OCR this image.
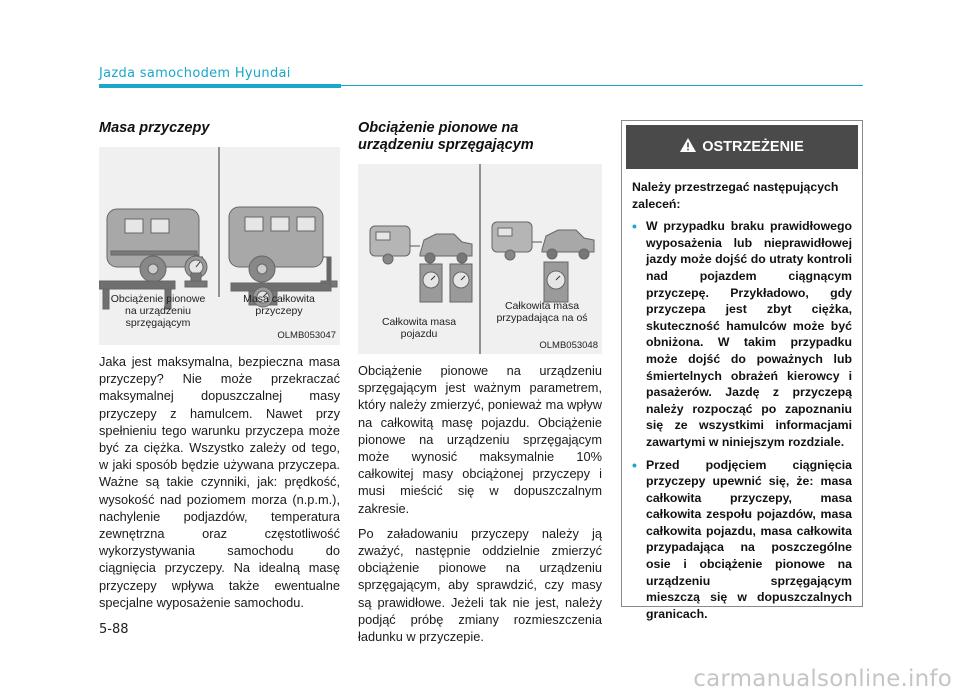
Jazda samochodem Hyundai
Masa przyczepy
Obciążenie pionowe
na urządzeniu
sprzęgającym
Masa całkowita
przyczepy
OLMB053047

Jaka jest maksymalna, bezpieczna masa przyczepy? Nie może przekraczać maksymalnej dopuszczalnej masy przyczepy z hamulcem. Nawet przy spełnieniu tego warunku przyczepa może być za ciężka. Wszystko zależy od tego, w jaki sposób będzie używana przyczepa. Ważne są takie czynniki, jak: prędkość, wysokość nad poziomem morza (n.p.m.), nachylenie podjazdów, temperatura zewnętrzna oraz częstotliwość wykorzystywania samochodu do ciągnięcia przyczepy. Na idealną masę przyczepy wpływa także ewentualne specjalne wyposażenie samochodu.

Obciążenie pionowe na urządzeniu sprzęgającym
Całkowita masa
pojazdu
Całkowita masa
przypadająca na oś
OLMB053048

Obciążenie pionowe na urządzeniu sprzęgającym jest ważnym parametrem, który należy zmierzyć, ponieważ ma wpływ na całkowitą masę pojazdu. Obciążenie pionowe na urządzeniu sprzęgającym może wynosić maksymalnie 10% całkowitej masy obciążonej przyczepy i musi mieścić się w dopuszczalnym zakresie.

Po załadowaniu przyczepy należy ją zważyć, następnie oddzielnie zmierzyć obciążenie pionowe na urządzeniu sprzęgającym, aby sprawdzić, czy masy są prawidłowe. Jeżeli tak nie jest, należy podjąć próbę zmiany rozmieszczenia ładunku w przyczepie.

OSTRZEŻENIE

Należy przestrzegać następujących zaleceń:

• W przypadku braku prawidłowego wyposażenia lub nieprawidłowej jazdy może dojść do utraty kontroli nad pojazdem ciągnącym przyczepę. Przykładowo, gdy przyczepa jest zbyt ciężka, skuteczność hamulców może być obniżona. W takim przypadku może dojść do poważnych lub śmiertelnych obrażeń kierowcy i pasażerów. Jazdę z przyczepą należy rozpocząć po zapoznaniu się ze wszystkimi informacjami zawartymi w niniejszym rozdziale.
• Przed podjęciem ciągnięcia przyczepy upewnić się, że: masa całkowita przyczepy, masa całkowita zespołu pojazdów, masa całkowita pojazdu, masa całkowita przypadająca na poszczególne osie i obciążenie pionowe na urządzeniu sprzęgającym mieszczą się w dopuszczalnych granicach.
5-88
carmanualsonline.info
